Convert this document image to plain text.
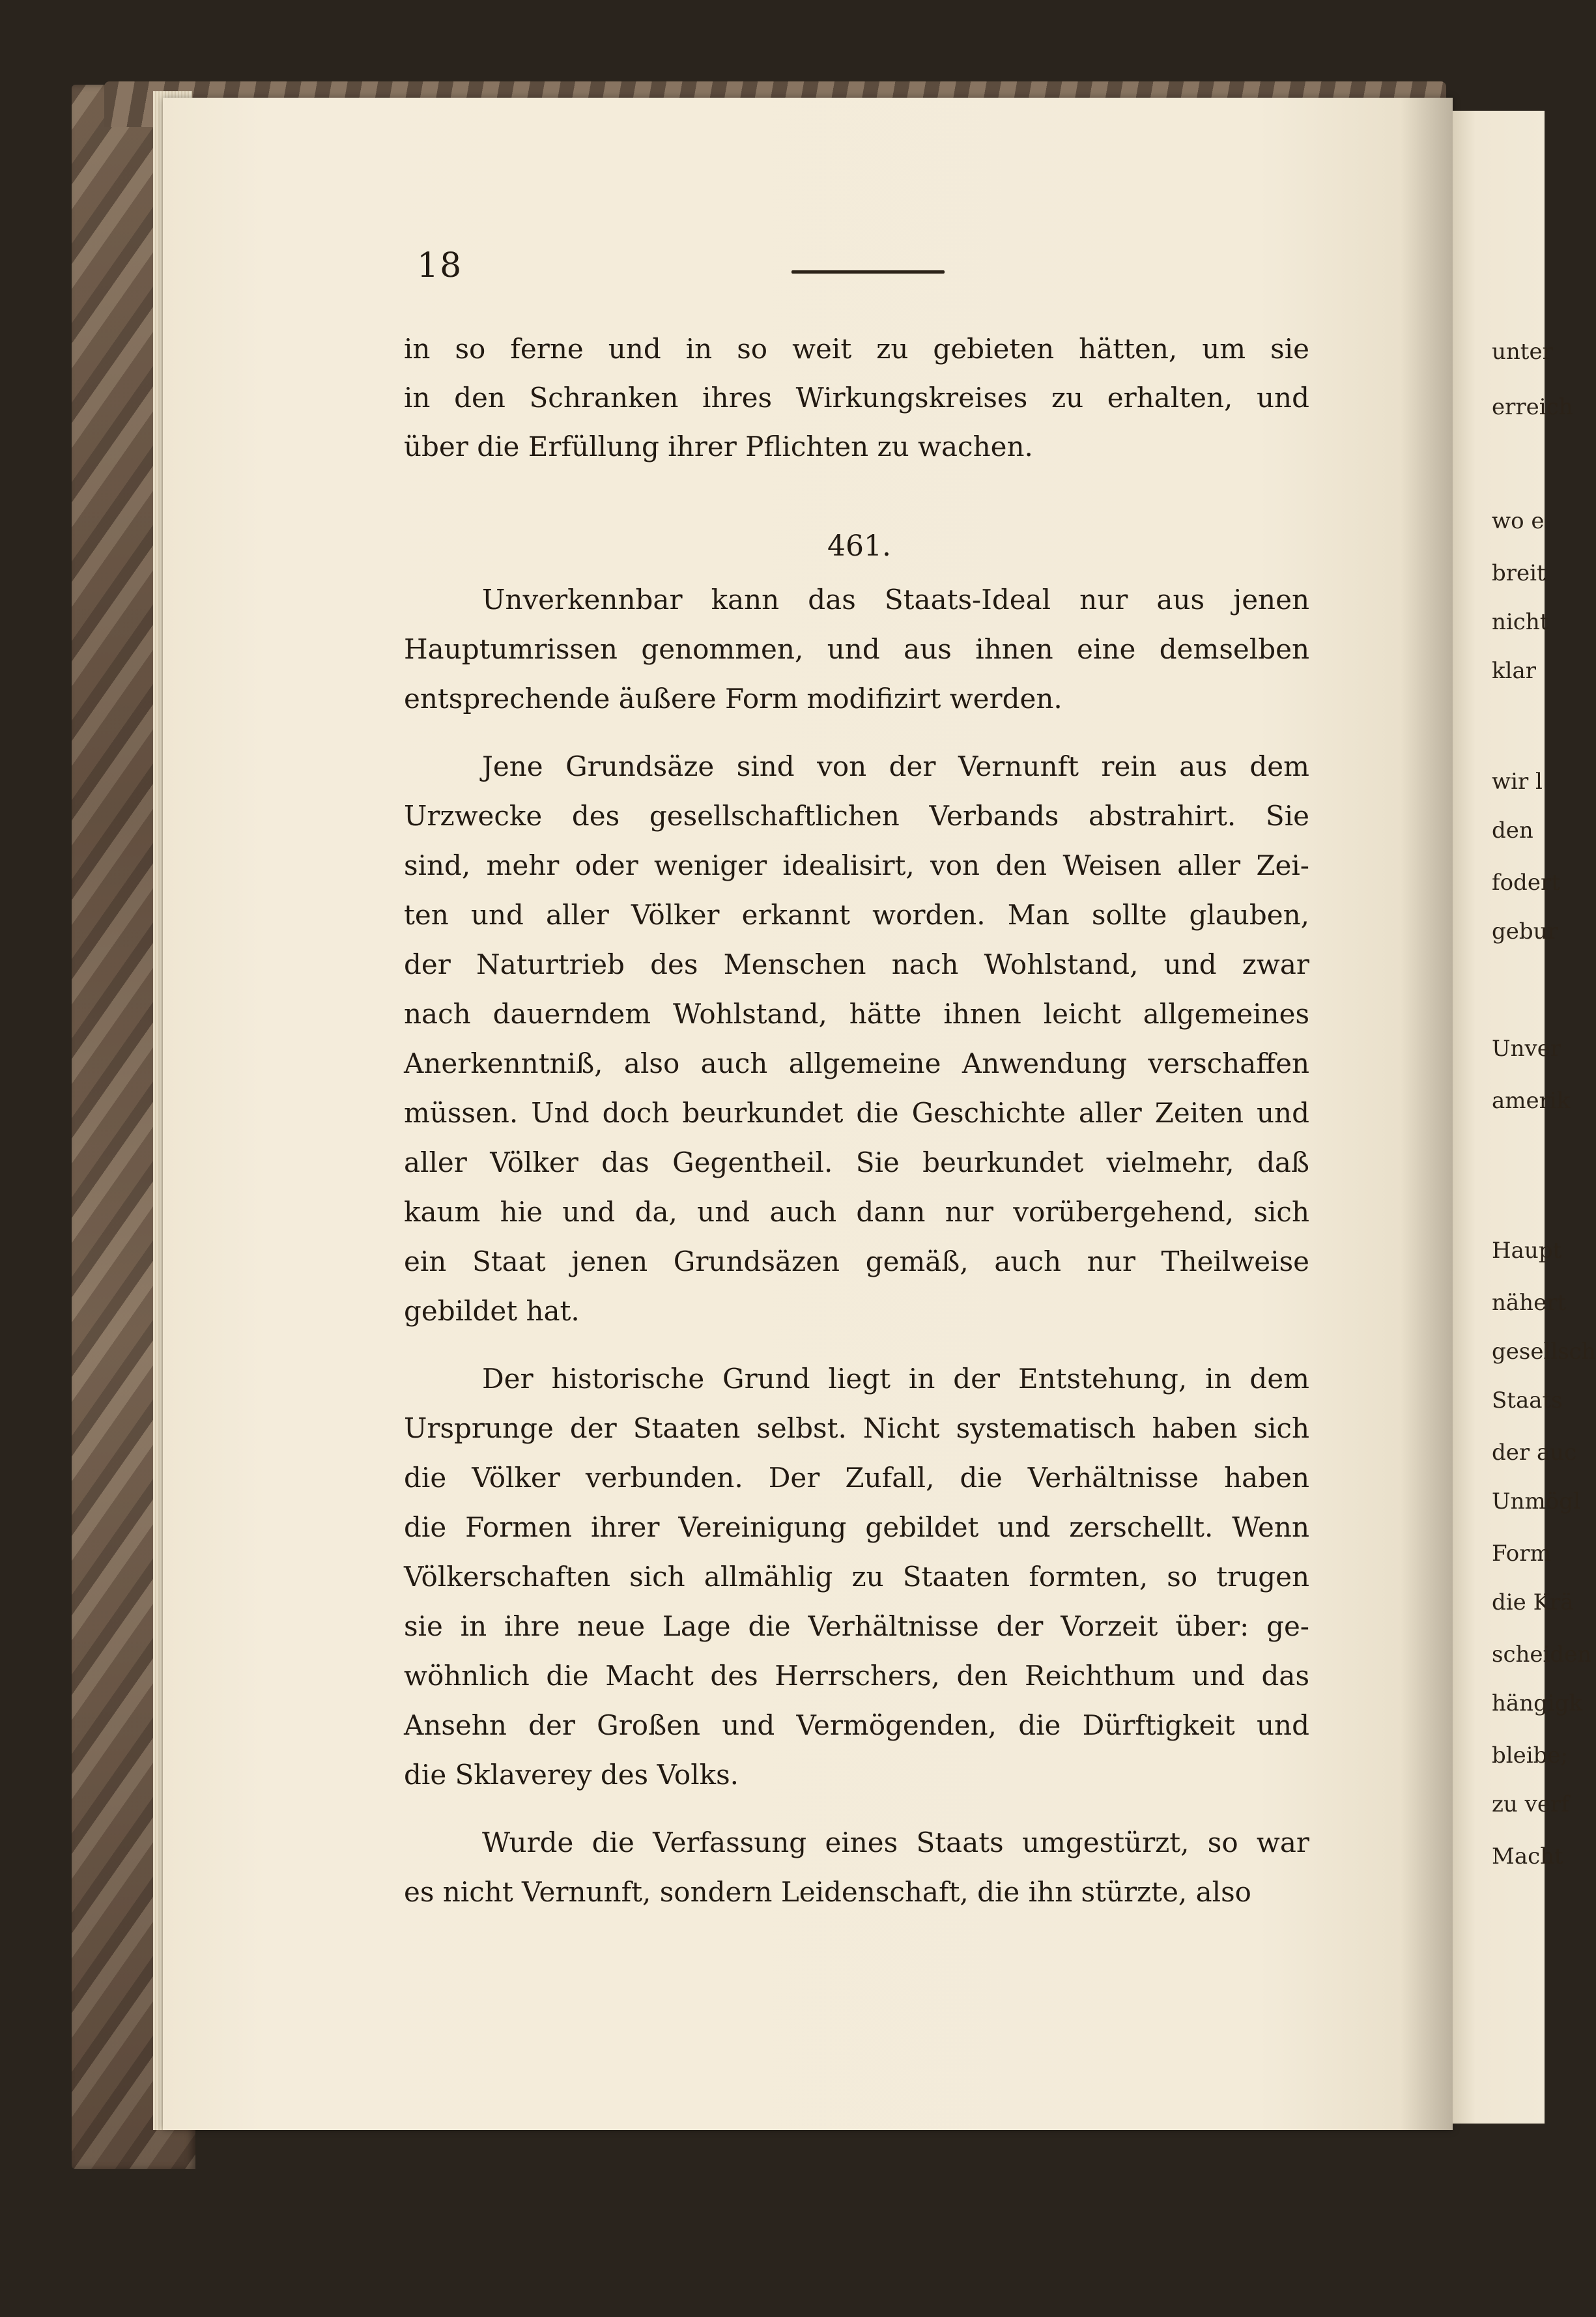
18
461.
in so ferne und in so weit zu gebieten hätten, um sie
in den Schranken ihres Wirkungskreises zu erhalten, und
über die Erfüllung ihrer Pflichten zu wachen.
Unverkennbar kann das Staats-Ideal nur aus jenen
Hauptumrissen genommen, und aus ihnen eine demselben
entsprechende äußere Form modifizirt werden.
Jene Grundsäze sind von der Vernunft rein aus dem
Urzwecke des gesellschaftlichen Verbands abstrahirt. Sie
sind, mehr oder weniger idealisirt, von den Weisen aller Zei-
ten und aller Völker erkannt worden. Man sollte glauben,
der Naturtrieb des Menschen nach Wohlstand, und zwar
nach dauerndem Wohlstand, hätte ihnen leicht allgemeines
Anerkenntniß, also auch allgemeine Anwendung verschaffen
müssen. Und doch beurkundet die Geschichte aller Zeiten und
aller Völker das Gegentheil. Sie beurkundet vielmehr, daß
kaum hie und da, und auch dann nur vorübergehend, sich
ein Staat jenen Grundsäzen gemäß, auch nur Theilweise
gebildet hat.
Der historische Grund liegt in der Entstehung, in dem
Ursprunge der Staaten selbst. Nicht systematisch haben sich
die Völker verbunden. Der Zufall, die Verhältnisse haben
die Formen ihrer Vereinigung gebildet und zerschellt. Wenn
Völkerschaften sich allmählig zu Staaten formten, so trugen
sie in ihre neue Lage die Verhältnisse der Vorzeit über: ge-
wöhnlich die Macht des Herrschers, den Reichthum und das
Ansehn der Großen und Vermögenden, die Dürftigkeit und
die Sklaverey des Volks.
Wurde die Verfassung eines Staats umgestürzt, so war
es nicht Vernunft, sondern Leidenschaft, die ihn stürzte, also
unter
erreich
wo e
breit
nicht
klar
wir l
den
fodert
gebur
Unver
amerik
Haupt
nähert
gesellsch
Staats
der auc
Unmögl
Form
die Krä
scheiden
hängigk
bleibe;
zu verf
Macht
